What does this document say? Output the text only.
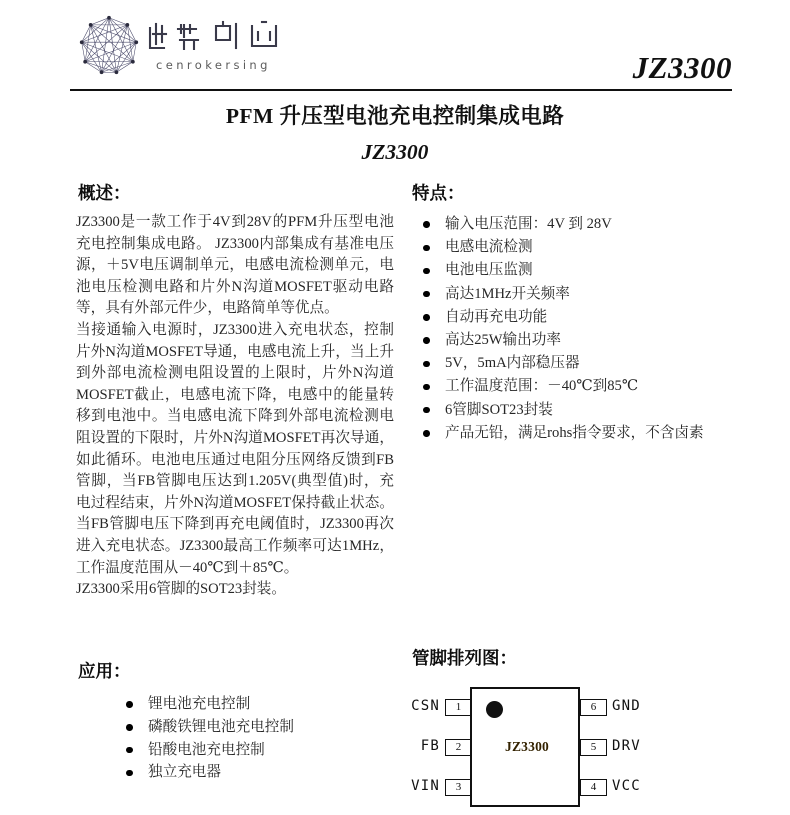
cenrokersing	JZ3300
PFM 升压型电池充电控制集成电路
JZ3300
概述：

JZ3300是一款工作于4V到28V的PFM升压型电池充电控制集成电路。 JZ3300内部集成有基准电压源，＋5V电压调制单元，电感电流检测单元，电池电压检测电路和片外N沟道MOSFET驱动电路等，具有外部元件少，电路简单等优点。

当接通输入电源时，JZ3300进入充电状态，控制片外N沟道MOSFET导通，电感电流上升，当上升到外部电流检测电阻设置的上限时，片外N沟道MOSFET截止，电感电流下降，电感中的能量转移到电池中。当电感电流下降到外部电流检测电阻设置的下限时，片外N沟道MOSFET再次导通，如此循环。电池电压通过电阻分压网络反馈到FB管脚，当FB管脚电压达到1.205V(典型值)时，充电过程结束，片外N沟道MOSFET保持截止状态。当FB管脚电压下降到再充电阈值时，JZ3300再次进入充电状态。JZ3300最高工作频率可达1MHz，工作温度范围从－40℃到＋85℃。

JZ3300采用6管脚的SOT23封装。

特点：
输入电压范围：4V 到 28V
电感电流检测
电池电压监测
高达1MHz开关频率
自动再充电功能
高达25W输出功率
5V，5mA内部稳压器
工作温度范围：－40℃到85℃
6管脚SOT23封装
产品无铅，满足rohs指令要求，不含卤素
应用：
锂电池充电控制
磷酸铁锂电池充电控制
铅酸电池充电控制
独立充电器
管脚排列图：
CSN
FB
VIN
1
2
3
JZ3300
6
5
4
GND
DRV
VCC
